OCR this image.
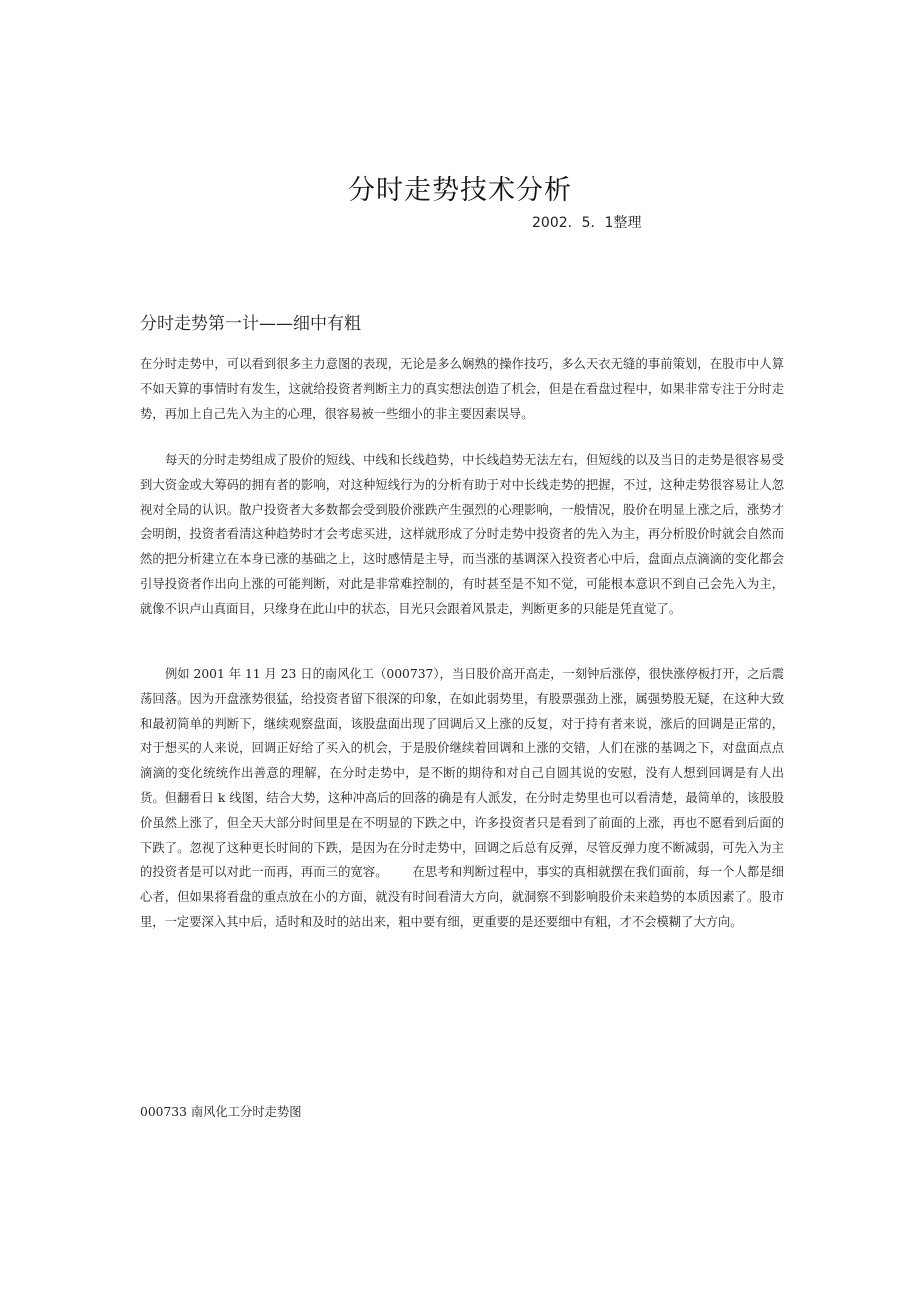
分时走势技术分析
2002．5．1整理
分时走势第一计——细中有粗

在分时走势中，可以看到很多主力意图的表现，无论是多么娴熟的操作技巧，多么天衣无缝的事前策划，在股市中人算不如天算的事情时有发生，这就给投资者判断主力的真实想法创造了机会，但是在看盘过程中，如果非常专注于分时走势，再加上自己先入为主的心理，很容易被一些细小的非主要因素误导。

每天的分时走势组成了股价的短线、中线和长线趋势，中长线趋势无法左右，但短线的以及当日的走势是很容易受到大资金或大筹码的拥有者的影响，对这种短线行为的分析有助于对中长线走势的把握，不过，这种走势很容易让人忽视对全局的认识。散户投资者大多数都会受到股价涨跌产生强烈的心理影响，一般情况，股价在明显上涨之后，涨势才会明朗，投资者看清这种趋势时才会考虑买进，这样就形成了分时走势中投资者的先入为主，再分析股价时就会自然而然的把分析建立在本身已涨的基础之上，这时感情是主导，而当涨的基调深入投资者心中后，盘面点点滴滴的变化都会引导投资者作出向上涨的可能判断，对此是非常难控制的，有时甚至是不知不觉，可能根本意识不到自己会先入为主，就像不识卢山真面目，只缘身在此山中的状态，目光只会跟着风景走，判断更多的只能是凭直觉了。

例如 2001 年 11 月 23 日的南风化工（000737），当日股价高开高走，一刻钟后涨停，很快涨停板打开，之后震荡回落。因为开盘涨势很猛，给投资者留下很深的印象，在如此弱势里，有股票强劲上涨，属强势股无疑，在这种大致和最初简单的判断下，继续观察盘面，该股盘面出现了回调后又上涨的反复，对于持有者来说，涨后的回调是正常的，对于想买的人来说，回调正好给了买入的机会，于是股价继续着回调和上涨的交错，人们在涨的基调之下，对盘面点点滴滴的变化统统作出善意的理解，在分时走势中，是不断的期待和对自己自圆其说的安慰，没有人想到回调是有人出货。但翻看日 k 线图，结合大势，这种冲高后的回落的确是有人派发，在分时走势里也可以看清楚，最简单的，该股股价虽然上涨了，但全天大部分时间里是在不明显的下跌之中，许多投资者只是看到了前面的上涨，再也不愿看到后面的下跌了。忽视了这种更长时间的下跌，是因为在分时走势中，回调之后总有反弹，尽管反弹力度不断减弱，可先入为主的投资者是可以对此一而再，再而三的宽容。 在思考和判断过程中，事实的真相就摆在我们面前，每一个人都是细心者，但如果将看盘的重点放在小的方面，就没有时间看清大方向，就洞察不到影响股价未来趋势的本质因素了。股市里，一定要深入其中后，适时和及时的站出来，粗中要有细，更重要的是还要细中有粗，才不会模糊了大方向。

000733 南风化工分时走势图
